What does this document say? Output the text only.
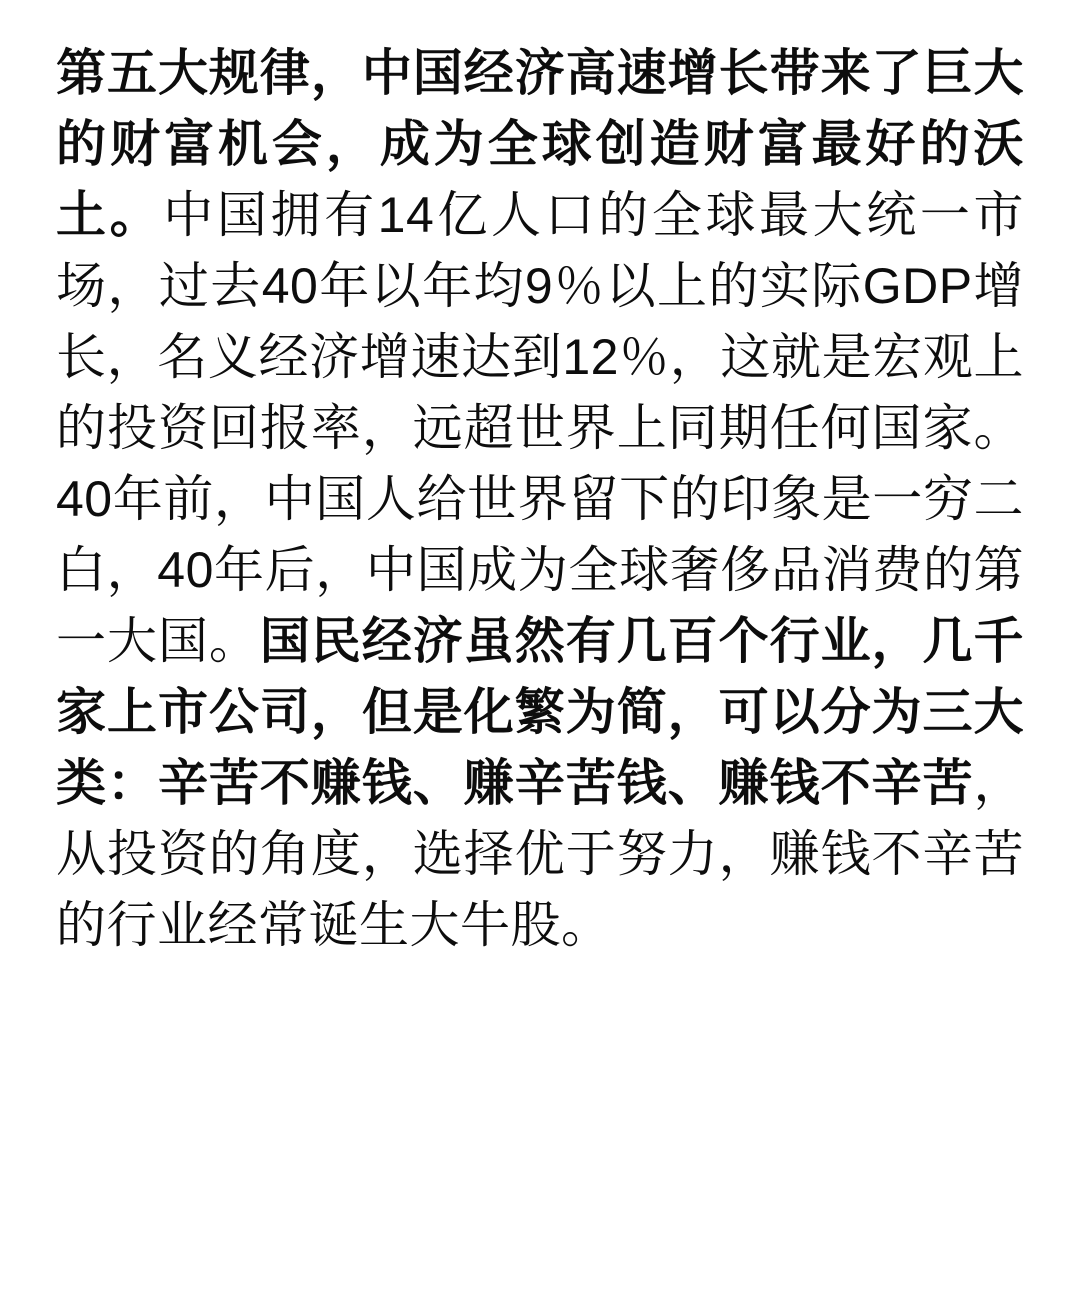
第五大规律，中国经济高速增长带来了巨大的财富机会，成为全球创造财富最好的沃土。中国拥有14亿人口的全球最大统一市场，过去40年以年均9％以上的实际GDP增长，名义经济增速达到12％，这就是宏观上的投资回报率，远超世界上同期任何国家。40年前，中国人给世界留下的印象是一穷二白，40年后，中国成为全球奢侈品消费的第一大国。国民经济虽然有几百个行业，几千家上市公司，但是化繁为简，可以分为三大类：辛苦不赚钱、赚辛苦钱、赚钱不辛苦，从投资的角度，选择优于努力，赚钱不辛苦的行业经常诞生大牛股。
